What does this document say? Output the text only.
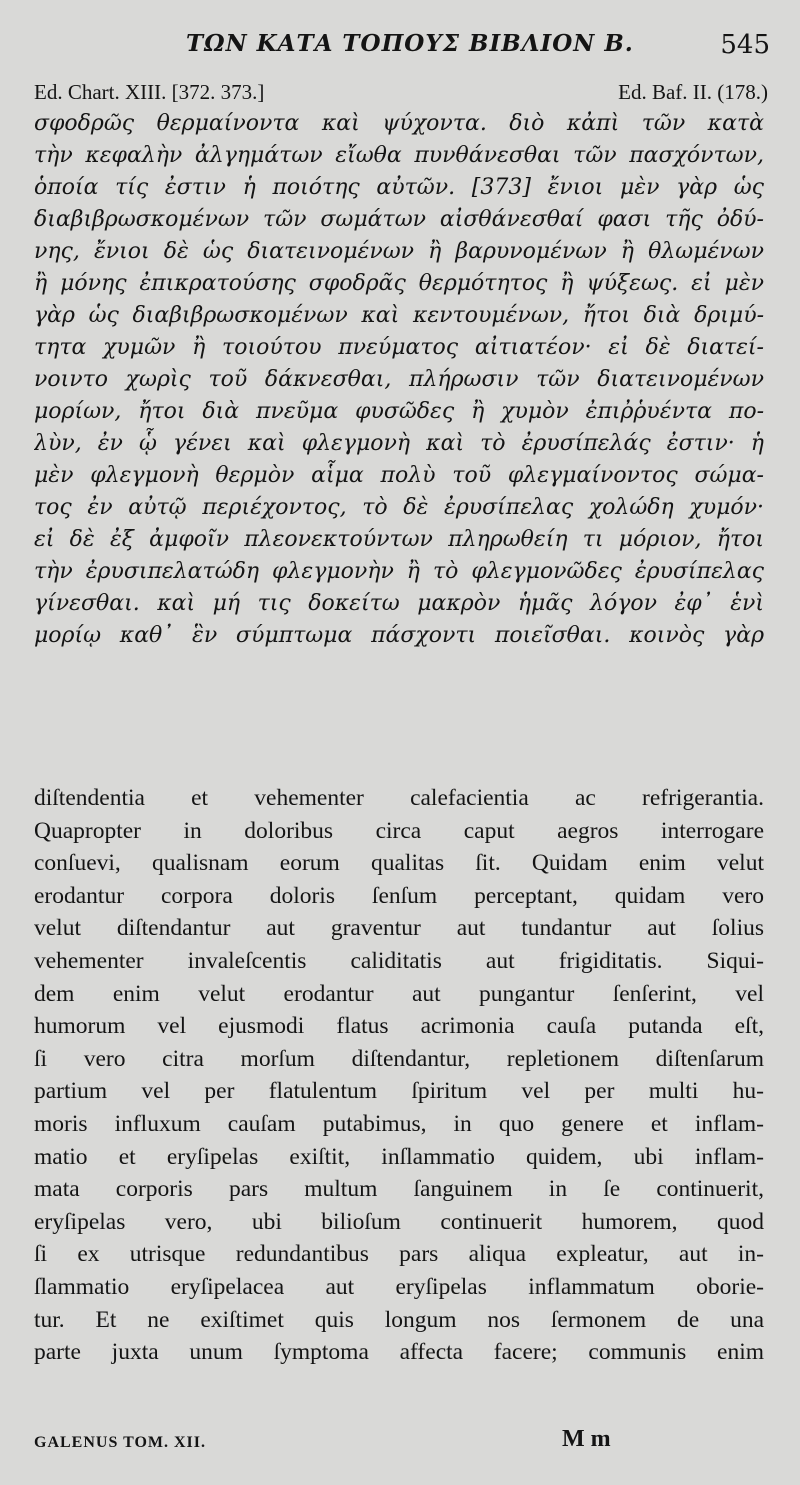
ΤΩΝ ΚΑΤΑ ΤΟΠΟΥΣ ΒΙΒΛΙΟΝ Β.	545
Ed. Chart. XIII. [372. 373.]	Ed. Baf. II. (178.)
σφοδρῶς θερμαίνοντα καὶ ψύχοντα. διὸ κἀπὶ τῶν κατὰ
τὴν κεφαλὴν ἀλγημάτων εἴωθα πυνθάνεσθαι τῶν πασχόντων,
ὁποία τίς ἐστιν ἡ ποιότης αὐτῶν. [373] ἔνιοι μὲν γὰρ ὡς
διαβιβρωσκομένων τῶν σωμάτων αἰσθάνεσθαί φασι τῆς ὀδύ-
νης, ἔνιοι δὲ ὡς διατεινομένων ἢ βαρυνομένων ἢ θλωμένων
ἢ μόνης ἐπικρατούσης σφοδρᾶς θερμότητος ἢ ψύξεως. εἰ μὲν
γὰρ ὡς διαβιβρωσκομένων καὶ κεντουμένων, ἤτοι διὰ δριμύ-
τητα χυμῶν ἢ τοιούτου πνεύματος αἰτιατέον· εἰ δὲ διατεί-
νοιντο χωρὶς τοῦ δάκνεσθαι, πλήρωσιν τῶν διατεινομένων
μορίων, ἤτοι διὰ πνεῦμα φυσῶδες ἢ χυμὸν ἐπιῤῥυέντα πο-
λὺν, ἐν ᾧ γένει καὶ φλεγμονὴ καὶ τὸ ἐρυσίπελάς ἐστιν· ἡ
μὲν φλεγμονὴ θερμὸν αἷμα πολὺ τοῦ φλεγμαίνοντος σώμα-
τος ἐν αὐτῷ περιέχοντος, τὸ δὲ ἐρυσίπελας χολώδη χυμόν·
εἰ δὲ ἐξ ἀμφοῖν πλεονεκτούντων πληρωθείη τι μόριον, ἤτοι
τὴν ἐρυσιπελατώδη φλεγμονὴν ἢ τὸ φλεγμονῶδες ἐρυσίπελας
γίνεσθαι. καὶ μή τις δοκείτω μακρὸν ἡμᾶς λόγον ἐφ᾽ ἑνὶ
μορίῳ καθ᾽ ἓν σύμπτωμα πάσχοντι ποιεῖσθαι. κοινὸς γὰρ
diſtendentia et vehementer calefacientia ac refrigerantia.
Quapropter in doloribus circa caput aegros interrogare
conſuevi, qualisnam eorum qualitas ſit. Quidam enim velut
erodantur corpora doloris ſenſum perceptant, quidam vero
velut diſtendantur aut graventur aut tundantur aut ſolius
vehementer invaleſcentis caliditatis aut frigiditatis. Siqui-
dem enim velut erodantur aut pungantur ſenſerint, vel
humorum vel ejusmodi flatus acrimonia cauſa putanda eſt,
ſi vero citra morſum diſtendantur, repletionem diſtenſarum
partium vel per flatulentum ſpiritum vel per multi hu-
moris influxum cauſam putabimus, in quo genere et inflam-
matio et eryſipelas exiſtit, inſlammatio quidem, ubi inflam-
mata corporis pars multum ſanguinem in ſe continuerit,
eryſipelas vero, ubi bilioſum continuerit humorem, quod
ſi ex utrisque redundantibus pars aliqua expleatur, aut in-
ſlammatio eryſipelacea aut eryſipelas inflammatum oborie-
tur. Et ne exiſtimet quis longum nos ſermonem de una
parte juxta unum ſymptoma affecta facere; communis enim
GALENUS TOM. XII.	M m
